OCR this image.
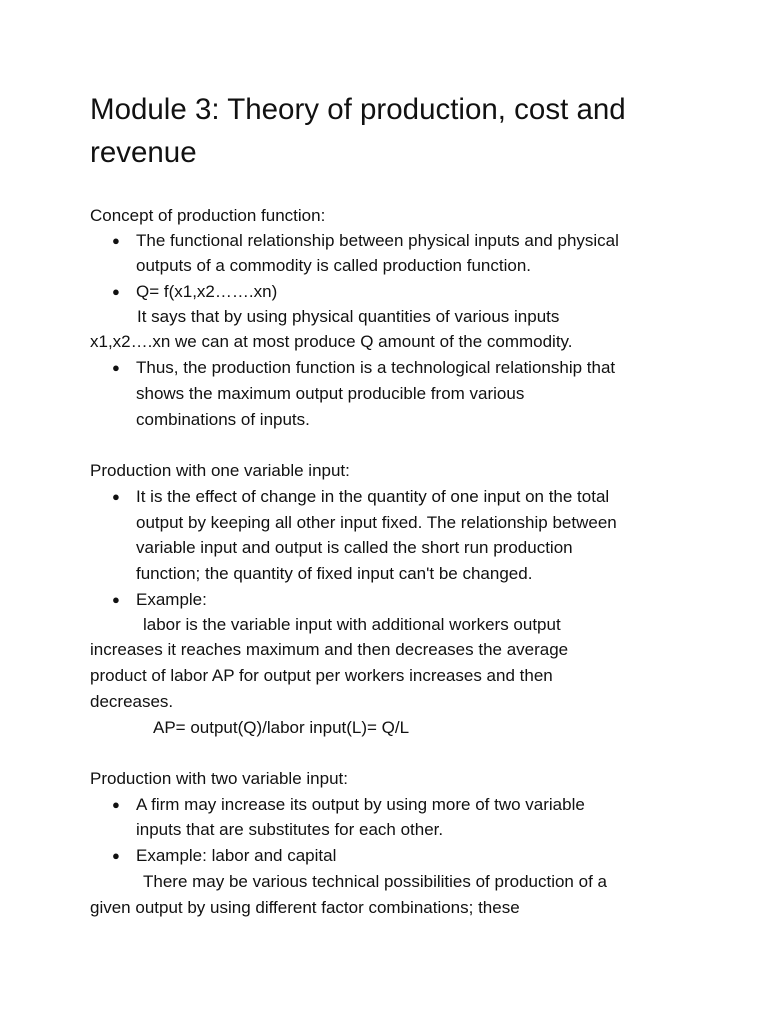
Module 3: Theory of production, cost and revenue

Concept of production function:

● The functional relationship between physical inputs and physical

outputs of a commodity is called production function.

● Q= f(x1,x2…….xn)

It says that by using physical quantities of various inputs

x1,x2….xn we can at most produce Q amount of the commodity.

● Thus, the production function is a technological relationship that

shows the maximum output producible from various

combinations of inputs.

Production with one variable input:

● It is the effect of change in the quantity of one input on the total

output by keeping all other input fixed. The relationship between

variable input and output is called the short run production

function; the quantity of fixed input can't be changed.

● Example:

labor is the variable input with additional workers output

increases it reaches maximum and then decreases the average

product of labor AP for output per workers increases and then

decreases.

AP= output(Q)/labor input(L)= Q/L

Production with two variable input:

● A firm may increase its output by using more of two variable

inputs that are substitutes for each other.

● Example: labor and capital

There may be various technical possibilities of production of a

given output by using different factor combinations; these
